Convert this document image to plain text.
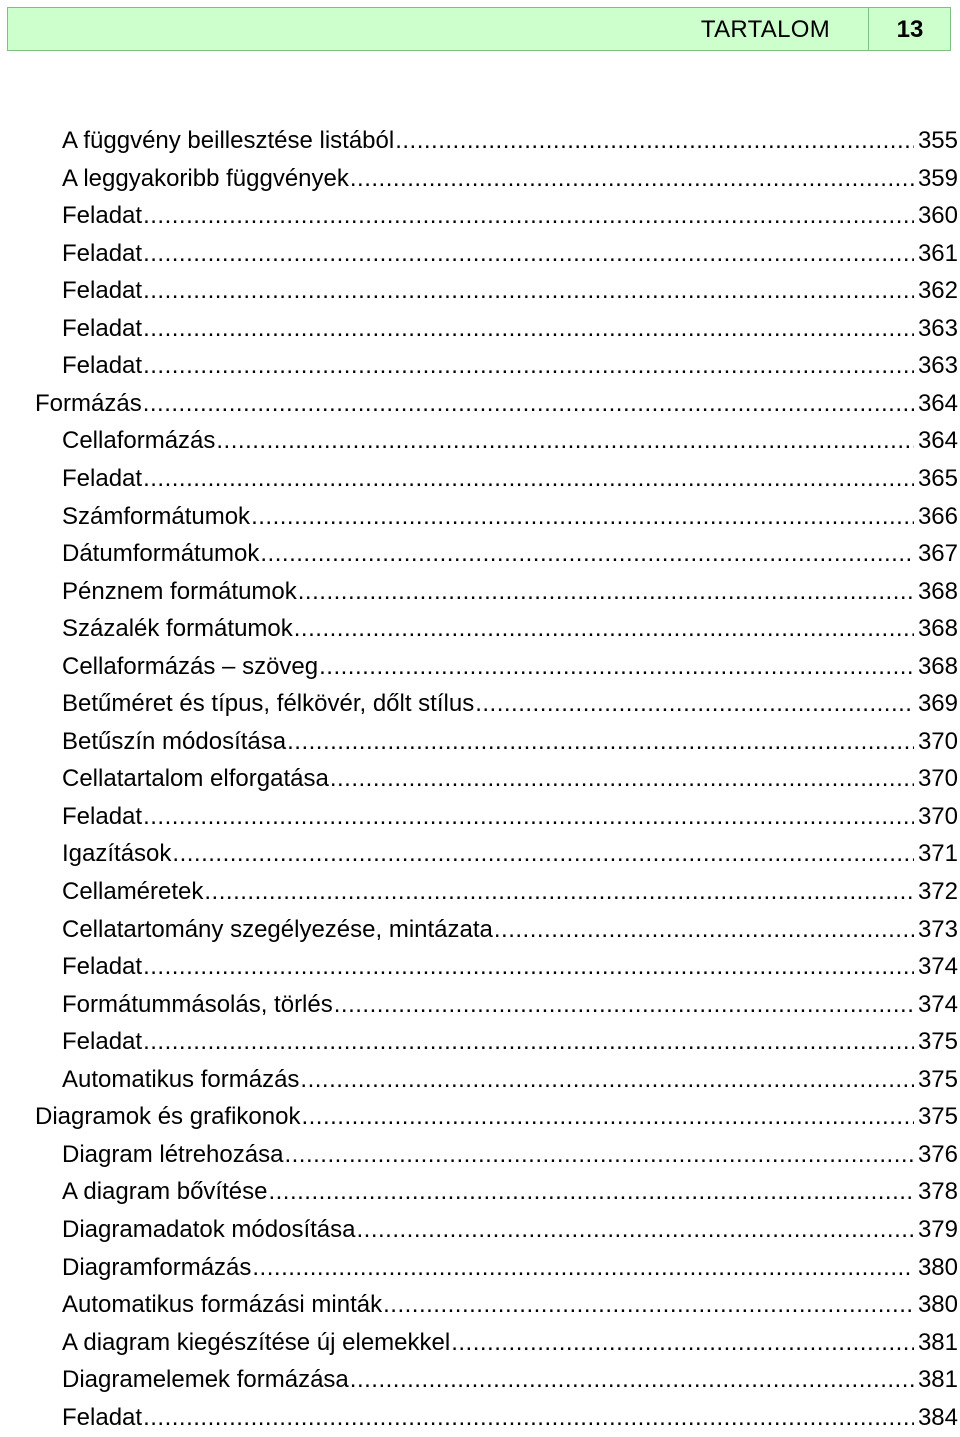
TARTALOM	13
A függvény beillesztése listából .....	355
A leggyakoribb függvények .....	359
Feladat .....	360
Feladat .....	361
Feladat .....	362
Feladat .....	363
Feladat .....	363
Formázás .....	364
Cellaformázás .....	364
Feladat .....	365
Számformátumok .....	366
Dátumformátumok .....	367
Pénznem formátumok .....	368
Százalék formátumok .....	368
Cellaformázás – szöveg .....	368
Betűméret és típus, félkövér, dőlt stílus .....	369
Betűszín módosítása .....	370
Cellatartalom elforgatása .....	370
Feladat .....	370
Igazítások .....	371
Cellaméretek .....	372
Cellatartomány szegélyezése, mintázata .....	373
Feladat .....	374
Formátummásolás, törlés .....	374
Feladat .....	375
Automatikus formázás .....	375
Diagramok és grafikonok .....	375
Diagram létrehozása .....	376
A diagram bővítése .....	378
Diagramadatok módosítása .....	379
Diagramformázás .....	380
Automatikus formázási minták .....	380
A diagram kiegészítése új elemekkel .....	381
Diagramelemek formázása .....	381
Feladat .....	384
